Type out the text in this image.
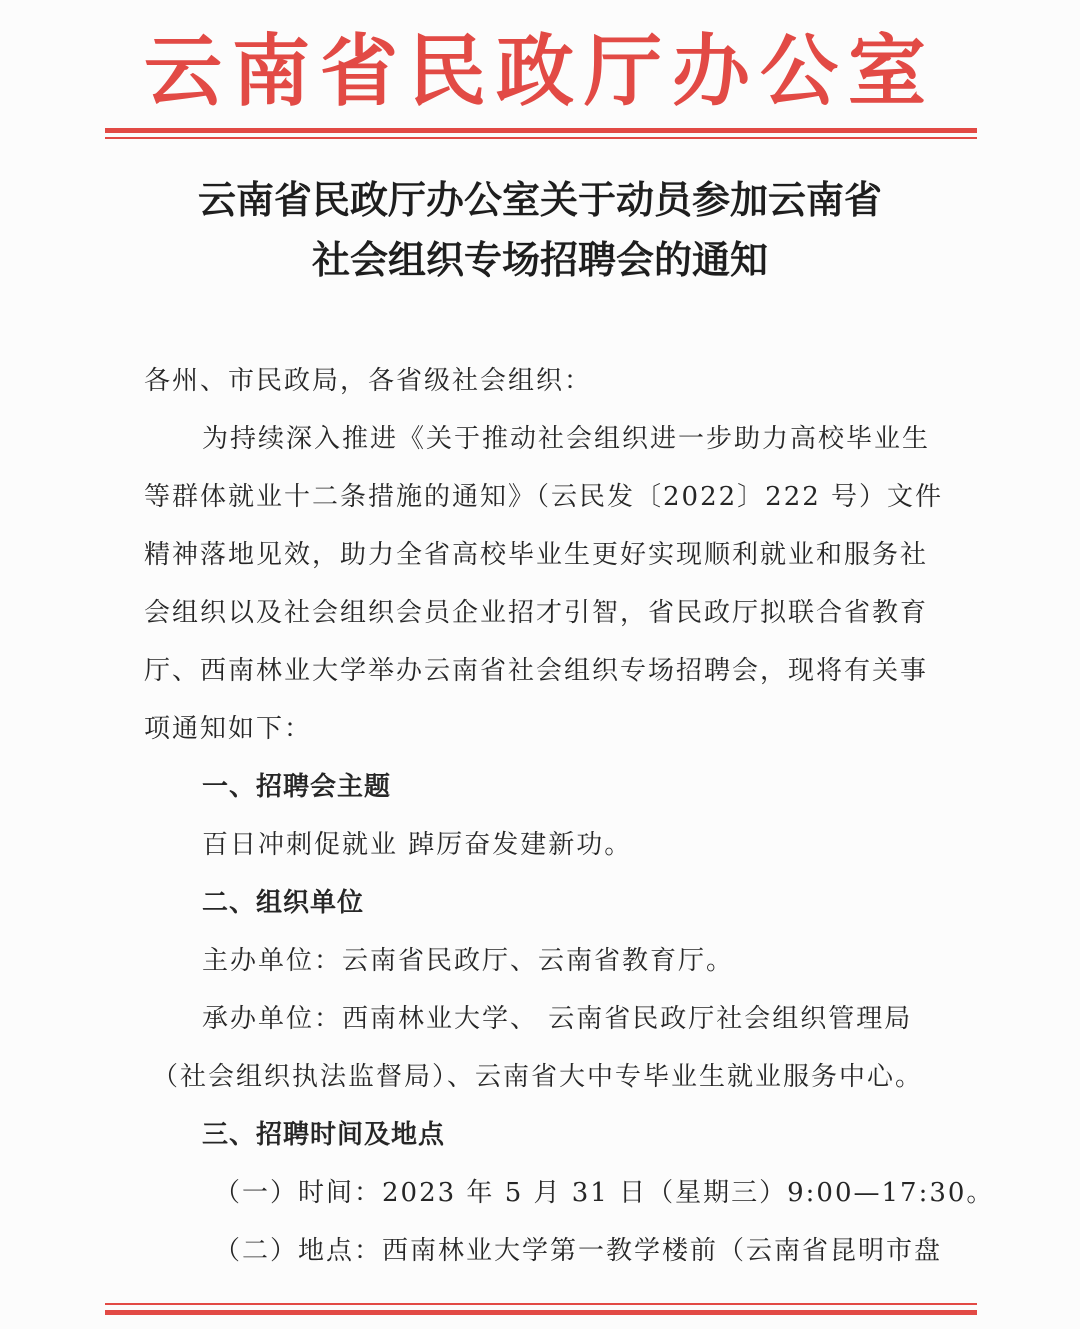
云南省民政厅办公室
云南省民政厅办公室关于动员参加云南省
社会组织专场招聘会的通知
各州、市民政局，各省级社会组织：
为持续深入推进《关于推动社会组织进一步助力高校毕业生
等群体就业十二条措施的通知》（云民发〔2022〕222 号）文件
精神落地见效，助力全省高校毕业生更好实现顺利就业和服务社
会组织以及社会组织会员企业招才引智，省民政厅拟联合省教育
厅、西南林业大学举办云南省社会组织专场招聘会，现将有关事
项通知如下：
一、招聘会主题
百日冲刺促就业 踔厉奋发建新功。
二、组织单位
主办单位：云南省民政厅、云南省教育厅。
承办单位：西南林业大学、 云南省民政厅社会组织管理局
（社会组织执法监督局）、云南省大中专毕业生就业服务中心。
三、招聘时间及地点
（一）时间：2023 年 5 月 31 日（星期三）9:00—17:30。
（二）地点：西南林业大学第一教学楼前（云南省昆明市盘
